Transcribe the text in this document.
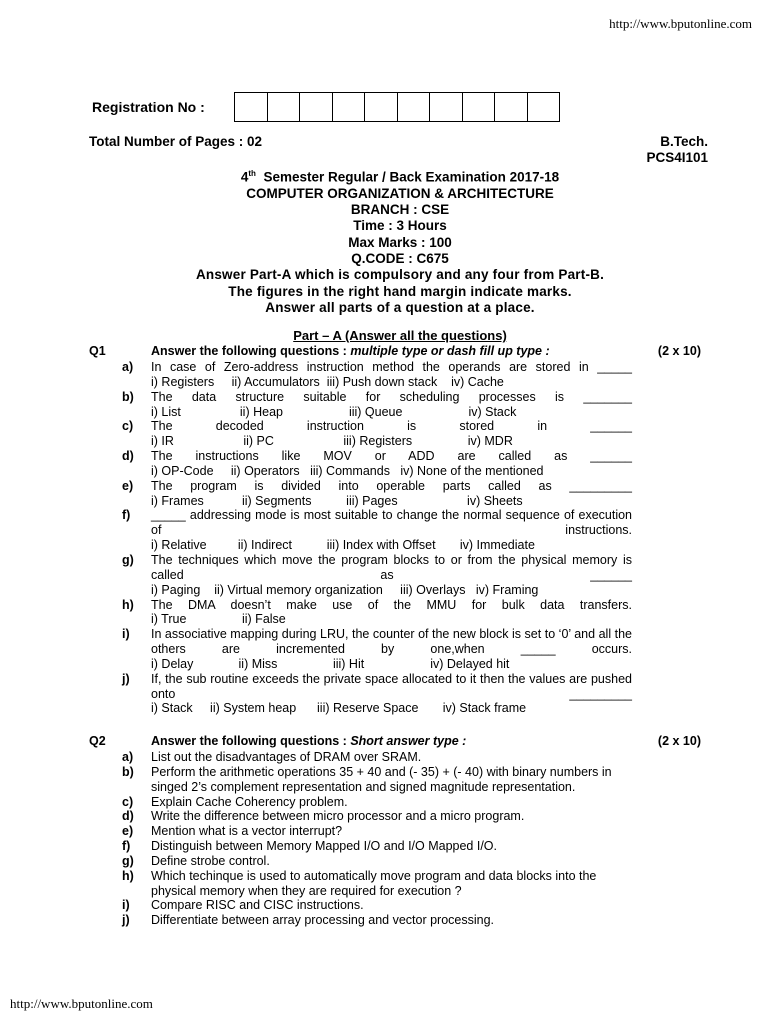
http://www.bputonline.com
Registration No :
Total Number of Pages : 02	B.Tech.
PCS4I101
4th Semester Regular / Back Examination 2017-18
COMPUTER ORGANIZATION & ARCHITECTURE
BRANCH : CSE
Time : 3 Hours
Max Marks : 100
Q.CODE : C675
Answer Part-A which is compulsory and any four from Part-B.
The figures in the right hand margin indicate marks.
Answer all parts of a question at a place.
Part – A (Answer all the questions)
Q1	Answer the following questions : multiple type or dash fill up type :	(2 x 10)
a) In case of Zero-address instruction method the operands are stored in _____
i) Registers     ii) Accumulators  iii) Push down stack    iv) Cache
b) The data structure suitable for scheduling processes is _______
i) List                 ii) Heap                   iii) Queue                   iv) Stack
c) The decoded instruction is stored in ______
i) IR                    ii) PC                    iii) Registers                iv) MDR
d) The instructions like MOV or ADD are called as ______
i) OP-Code     ii) Operators   iii) Commands   iv) None of the mentioned
e) The program is divided into operable parts called as _________
i) Frames           ii) Segments          iii) Pages                    iv) Sheets
f) _____ addressing mode is most suitable to change the normal sequence of execution of instructions.
i) Relative         ii) Indirect          iii) Index with Offset       iv) Immediate
g) The techniques which move the program blocks to or from the physical memory is called as ______
i) Paging    ii) Virtual memory organization     iii) Overlays   iv) Framing
h) The DMA doesn’t make use of the MMU for bulk data transfers.
i) True                ii) False
i) In associative mapping during LRU, the counter of the new block is set to ‘0’ and all the others are incremented by one,when _____ occurs.
i) Delay             ii) Miss                iii) Hit                   iv) Delayed hit
j) If, the sub routine exceeds the private space allocated to it then the values are pushed onto _________
i) Stack     ii) System heap      iii) Reserve Space       iv) Stack frame
Q2	Answer the following questions : Short answer type :	(2 x 10)
a) List out the disadvantages of DRAM over SRAM.
b) Perform the arithmetic operations 35 + 40 and (- 35) + (- 40) with binary numbers in singed 2’s complement representation and signed magnitude representation.
c) Explain Cache Coherency problem.
d) Write the difference between micro processor and a micro program.
e) Mention what is a vector interrupt?
f) Distinguish between Memory Mapped I/O and I/O Mapped I/O.
g) Define strobe control.
h) Which techinque is used to automatically move program and data blocks into the physical memory when they are required for execution ?
i) Compare RISC and CISC instructions.
j) Differentiate between array processing and vector processing.
http://www.bputonline.com
